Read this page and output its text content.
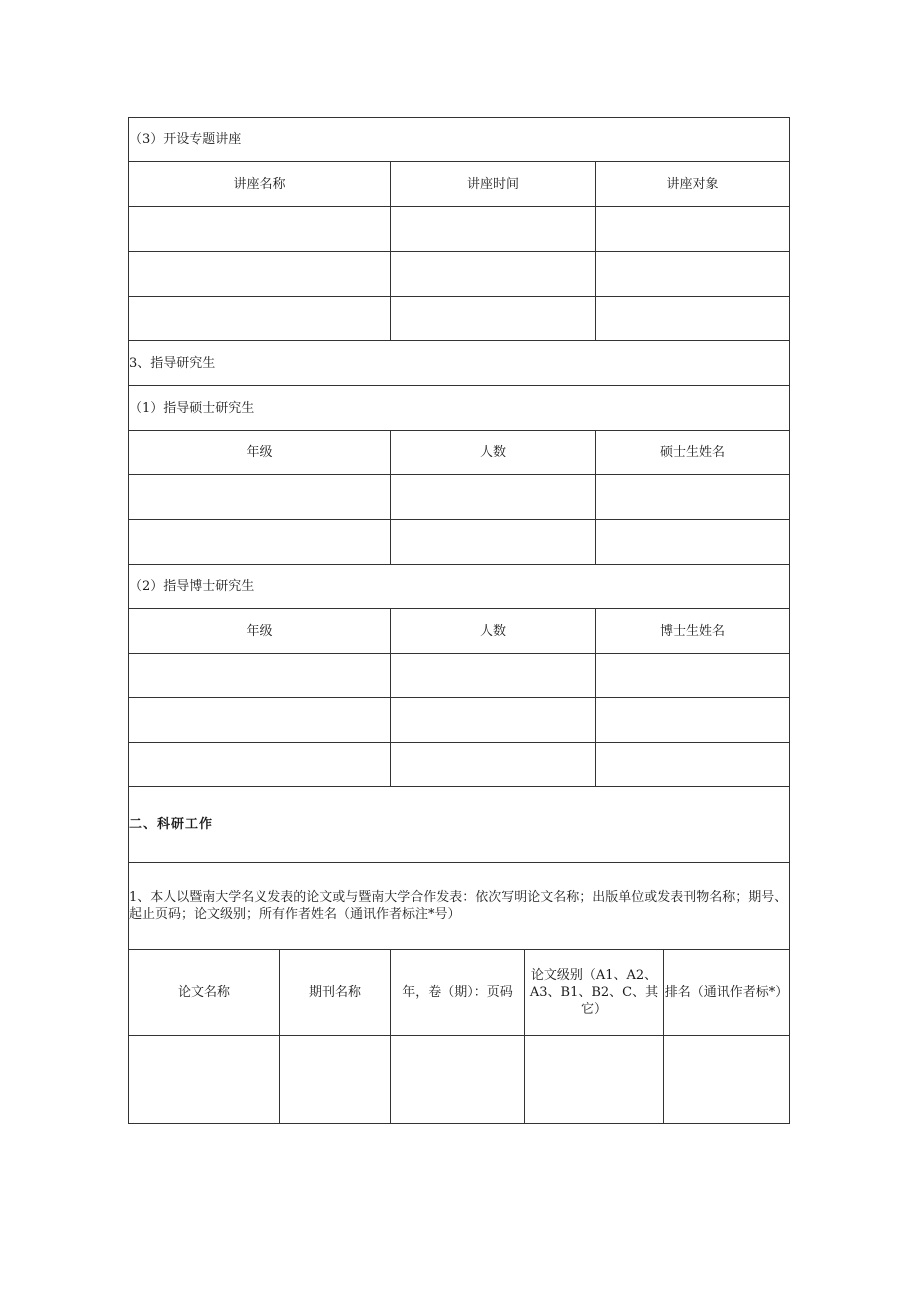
（3）开设专题讲座		
讲座名称	讲座时间	讲座对象

3、指导研究生		
（1）指导硕士研究生		
年级	人数	硕士生姓名

（2）指导博士研究生		
年级	人数	博士生姓名

二、科研工作				
1、本人以暨南大学名义发表的论文或与暨南大学合作发表：依次写明论文名称；出版单位或发表刊物名称；期号、起止页码；论文级别；所有作者姓名（通讯作者标注*号）				
论文名称	期刊名称	年，卷（期）：页码	论文级别（A1、A2、A3、B1、B2、C、其它）	排名（通讯作者标*）
